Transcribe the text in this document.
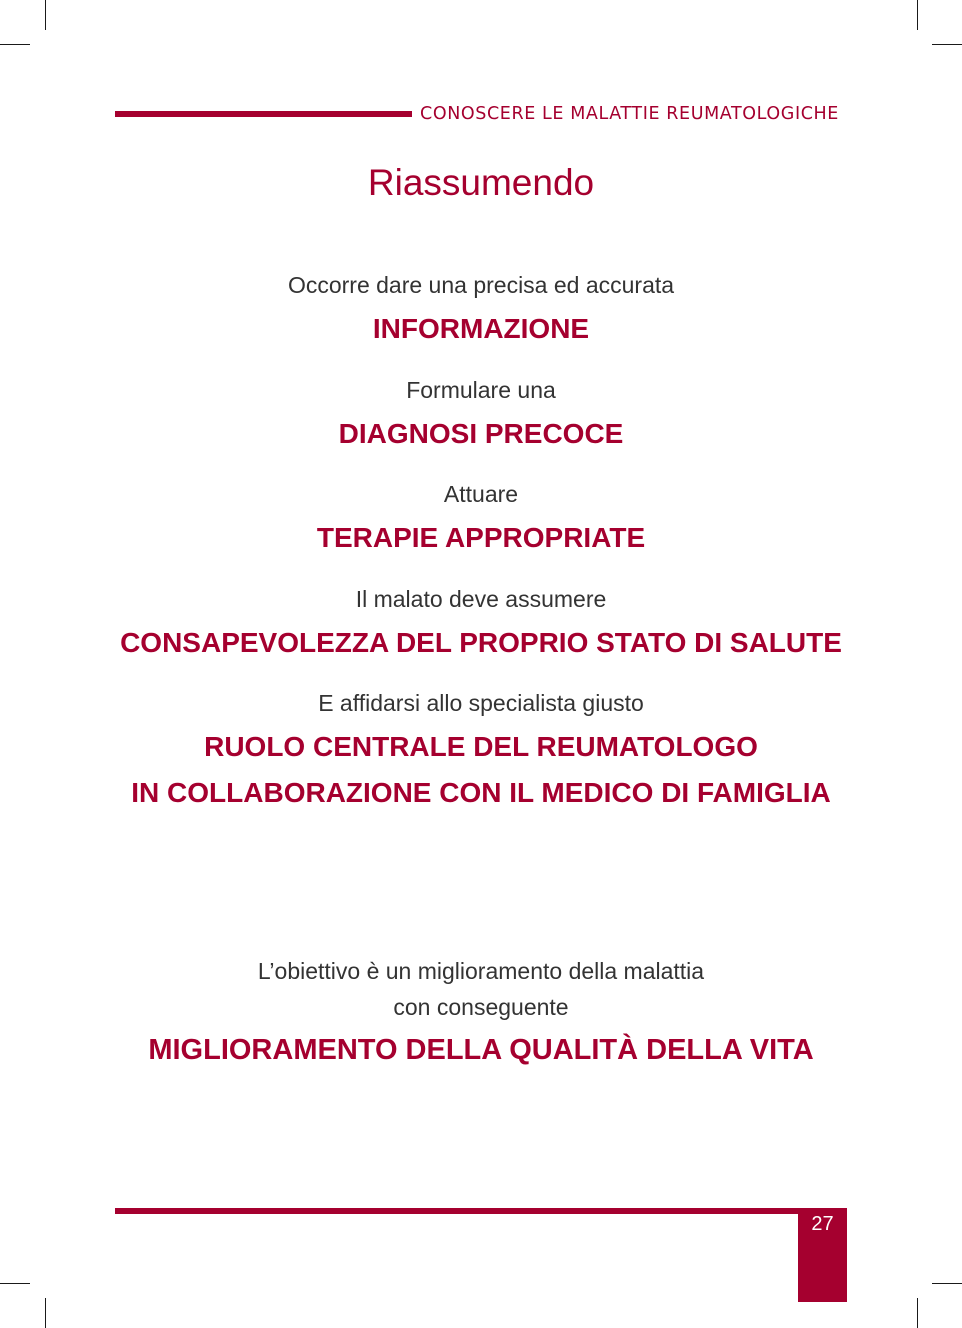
CONOSCERE LE MALATTIE REUMATOLOGICHE
Riassumendo
Occorre dare una precisa ed accurata
INFORMAZIONE
Formulare una
DIAGNOSI PRECOCE
Attuare
TERAPIE APPROPRIATE
Il malato deve assumere
CONSAPEVOLEZZA DEL PROPRIO STATO DI SALUTE
E affidarsi allo specialista giusto
RUOLO CENTRALE DEL REUMATOLOGO
IN COLLABORAZIONE CON IL MEDICO DI FAMIGLIA
L’obiettivo è un miglioramento della malattia
con conseguente
MIGLIORAMENTO DELLA QUALITÀ DELLA VITA
27
